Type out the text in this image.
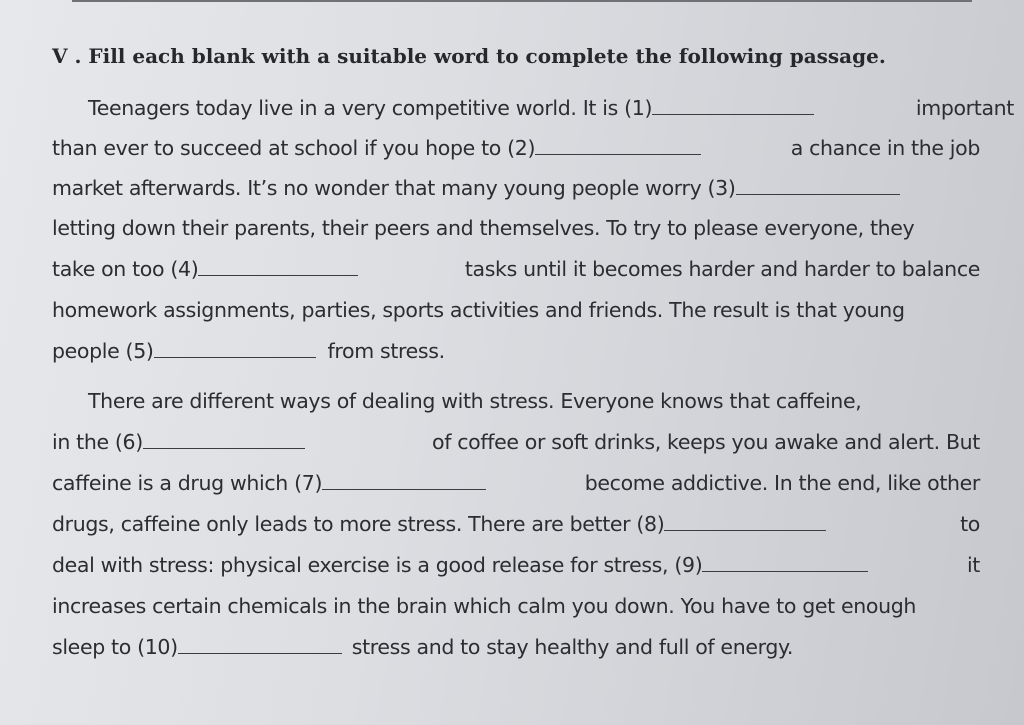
V . Fill each blank with a suitable word to complete the following passage.
Teenagers today live in a very competitive world. It is (1)	important
than ever to succeed at school if you hope to (2)	a chance in the job
market afterwards. It’s no wonder that many young people worry (3)
letting down their parents, their peers and themselves. To try to please everyone, they
take on too (4)	tasks until it becomes harder and harder to balance
homework assignments, parties, sports activities and friends. The result is that young
people (5)	from stress.
There are different ways of dealing with stress. Everyone knows that caffeine,
in the (6)	of coffee or soft drinks, keeps you awake and alert. But
caffeine is a drug which (7)	become addictive. In the end, like other
drugs, caffeine only leads to more stress. There are better (8)	to
deal with stress: physical exercise is a good release for stress, (9)	it
increases certain chemicals in the brain which calm you down. You have to get enough
sleep to (10)	stress and to stay healthy and full of energy.
